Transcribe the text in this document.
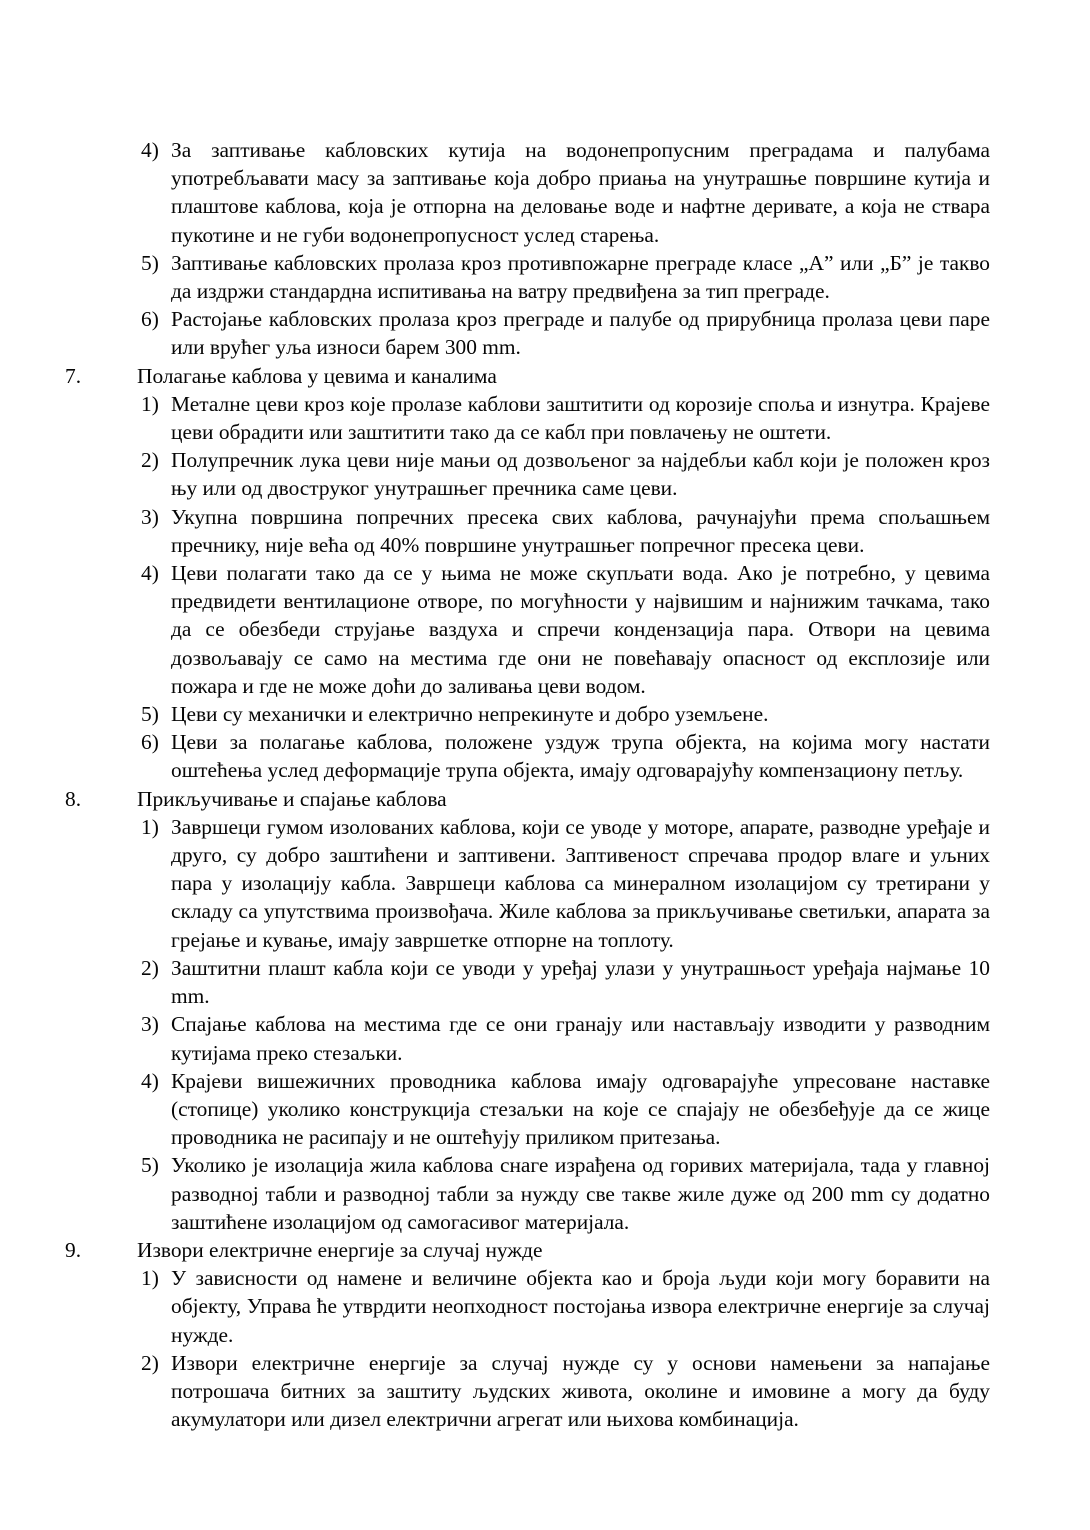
4) За заптивање кабловских кутија на водонепропусним преградама и палубама употребљавати масу за заптивање која добро приања на унутрашње површине кутија и плаштове каблова, која је отпорна на деловање воде и нафтне деривате, а која не ствара пукотине и не губи водонепропусност услед старења.
5) Заптивање кабловских пролаза кроз противпожарне преграде класе „А” или „Б” је такво да издржи стандардна испитивања на ватру предвиђена за тип преграде.
6) Растојање кабловских пролаза кроз преграде и палубе од прирубница пролаза цеви паре или врућег уља износи барем 300 mm.
7.	Полагање каблова у цевима и каналима
1) Металне цеви кроз које пролазе каблови заштитити од корозије споља и изнутра. Крајеве цеви обрадити или заштитити тако да се кабл при повлачењу не оштети.
2) Полупречник лука цеви није мањи од дозвољеног за најдебљи кабл који је положен кроз њу или од двоструког унутрашњег пречника саме цеви.
3) Укупна површина попречних пресека свих каблова, рачунајући према спољашњем пречнику, није већа од 40% површине унутрашњег попречног пресека цеви.
4) Цеви полагати тако да се у њима не може скупљати вода. Ако је потребно, у цевима предвидети вентилационе отворе, по могућности у највишим и најнижим тачкама, тако да се обезбеди струјање ваздуха и спречи кондензација пара. Отвори на цевима дозвољавају се само на местима где они не повећавају опасност од експлозије или пожара и где не може доћи до заливања цеви водом.
5) Цеви су механички и електрично непрекинуте и добро уземљене.
6) Цеви за полагање каблова, положене уздуж трупа објекта, на којима могу настати оштећења услед деформације трупа објекта, имају одговарајућу компензациону петљу.
8.	Прикључивање и спајање каблова
1) Завршеци гумом изолованих каблова, који се уводе у моторе, апарате, разводне уређаје и друго, су добро заштићени и заптивени. Заптивеност спречава продор влаге и уљних пара у изолацију кабла. Завршеци каблова са минералном изолацијом су третирани у складу са упутствима произвођача. Жиле каблова за прикључивање светиљки, апарата за грејање и кување, имају завршетке отпорне на топлоту.
2) Заштитни плашт кабла који се уводи у уређај улази у унутрашњост уређаја најмање 10 mm.
3) Спајање каблова на местима где се они гранају или настављају изводити у разводним кутијама преко стезаљки.
4) Крајеви вишежичних проводника каблова имају одговарајуће упресоване наставке (стопице) уколико конструкција стезаљки на које се спајају не обезбеђује да се жице проводника не расипају и не оштећују приликом притезања.
5) Уколико је изолација жила каблова снаге израђена од горивих материјала, тада у главној разводној табли и разводној табли за нужду све такве жиле дуже од 200 mm су додатно заштићене изолацијом од самогасивог материјала.
9.	Извори електричне енергије за случај нужде
1) У зависности од намене и величине објекта као и броја људи који могу боравити на објекту, Управа ће утврдити неопходност постојања извора електричне енергије за случај нужде.
2) Извори електричне енергије за случај нужде су у основи намењени за напајање потрошача битних за заштиту људских живота, околине и имовине а могу да буду акумулатори или дизел електрични агрегат или њихова комбинација.
